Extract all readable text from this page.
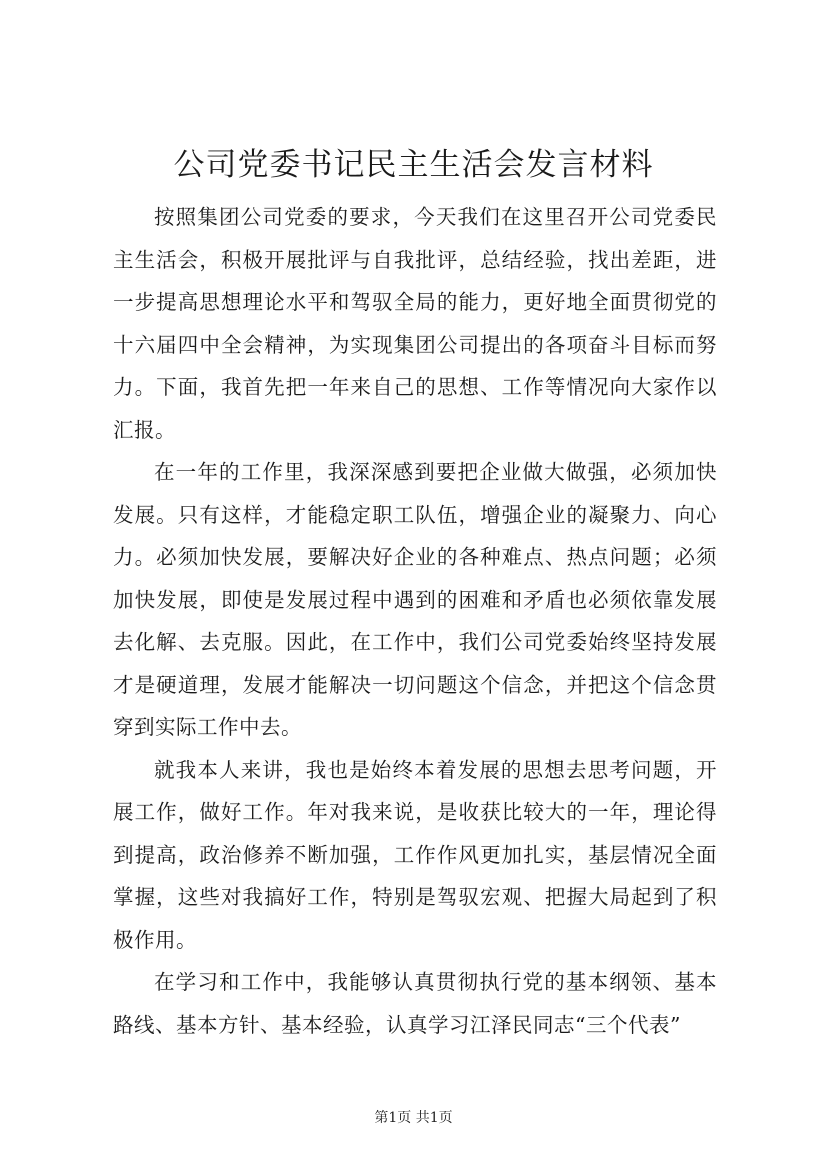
公司党委书记民主生活会发言材料

按照集团公司党委的要求，今天我们在这里召开公司党委民主生活会，积极开展批评与自我批评，总结经验，找出差距，进一步提高思想理论水平和驾驭全局的能力，更好地全面贯彻党的十六届四中全会精神，为实现集团公司提出的各项奋斗目标而努力。下面，我首先把一年来自己的思想、工作等情况向大家作以汇报。

在一年的工作里，我深深感到要把企业做大做强，必须加快发展。只有这样，才能稳定职工队伍，增强企业的凝聚力、向心力。必须加快发展，要解决好企业的各种难点、热点问题；必须加快发展，即使是发展过程中遇到的困难和矛盾也必须依靠发展去化解、去克服。因此，在工作中，我们公司党委始终坚持发展才是硬道理，发展才能解决一切问题这个信念，并把这个信念贯穿到实际工作中去。

就我本人来讲，我也是始终本着发展的思想去思考问题，开展工作，做好工作。年对我来说，是收获比较大的一年，理论得到提高，政治修养不断加强，工作作风更加扎实，基层情况全面掌握，这些对我搞好工作，特别是驾驭宏观、把握大局起到了积极作用。

在学习和工作中，我能够认真贯彻执行党的基本纲领、基本路线、基本方针、基本经验，认真学习江泽民同志“三个代表”

第1页 共1页
